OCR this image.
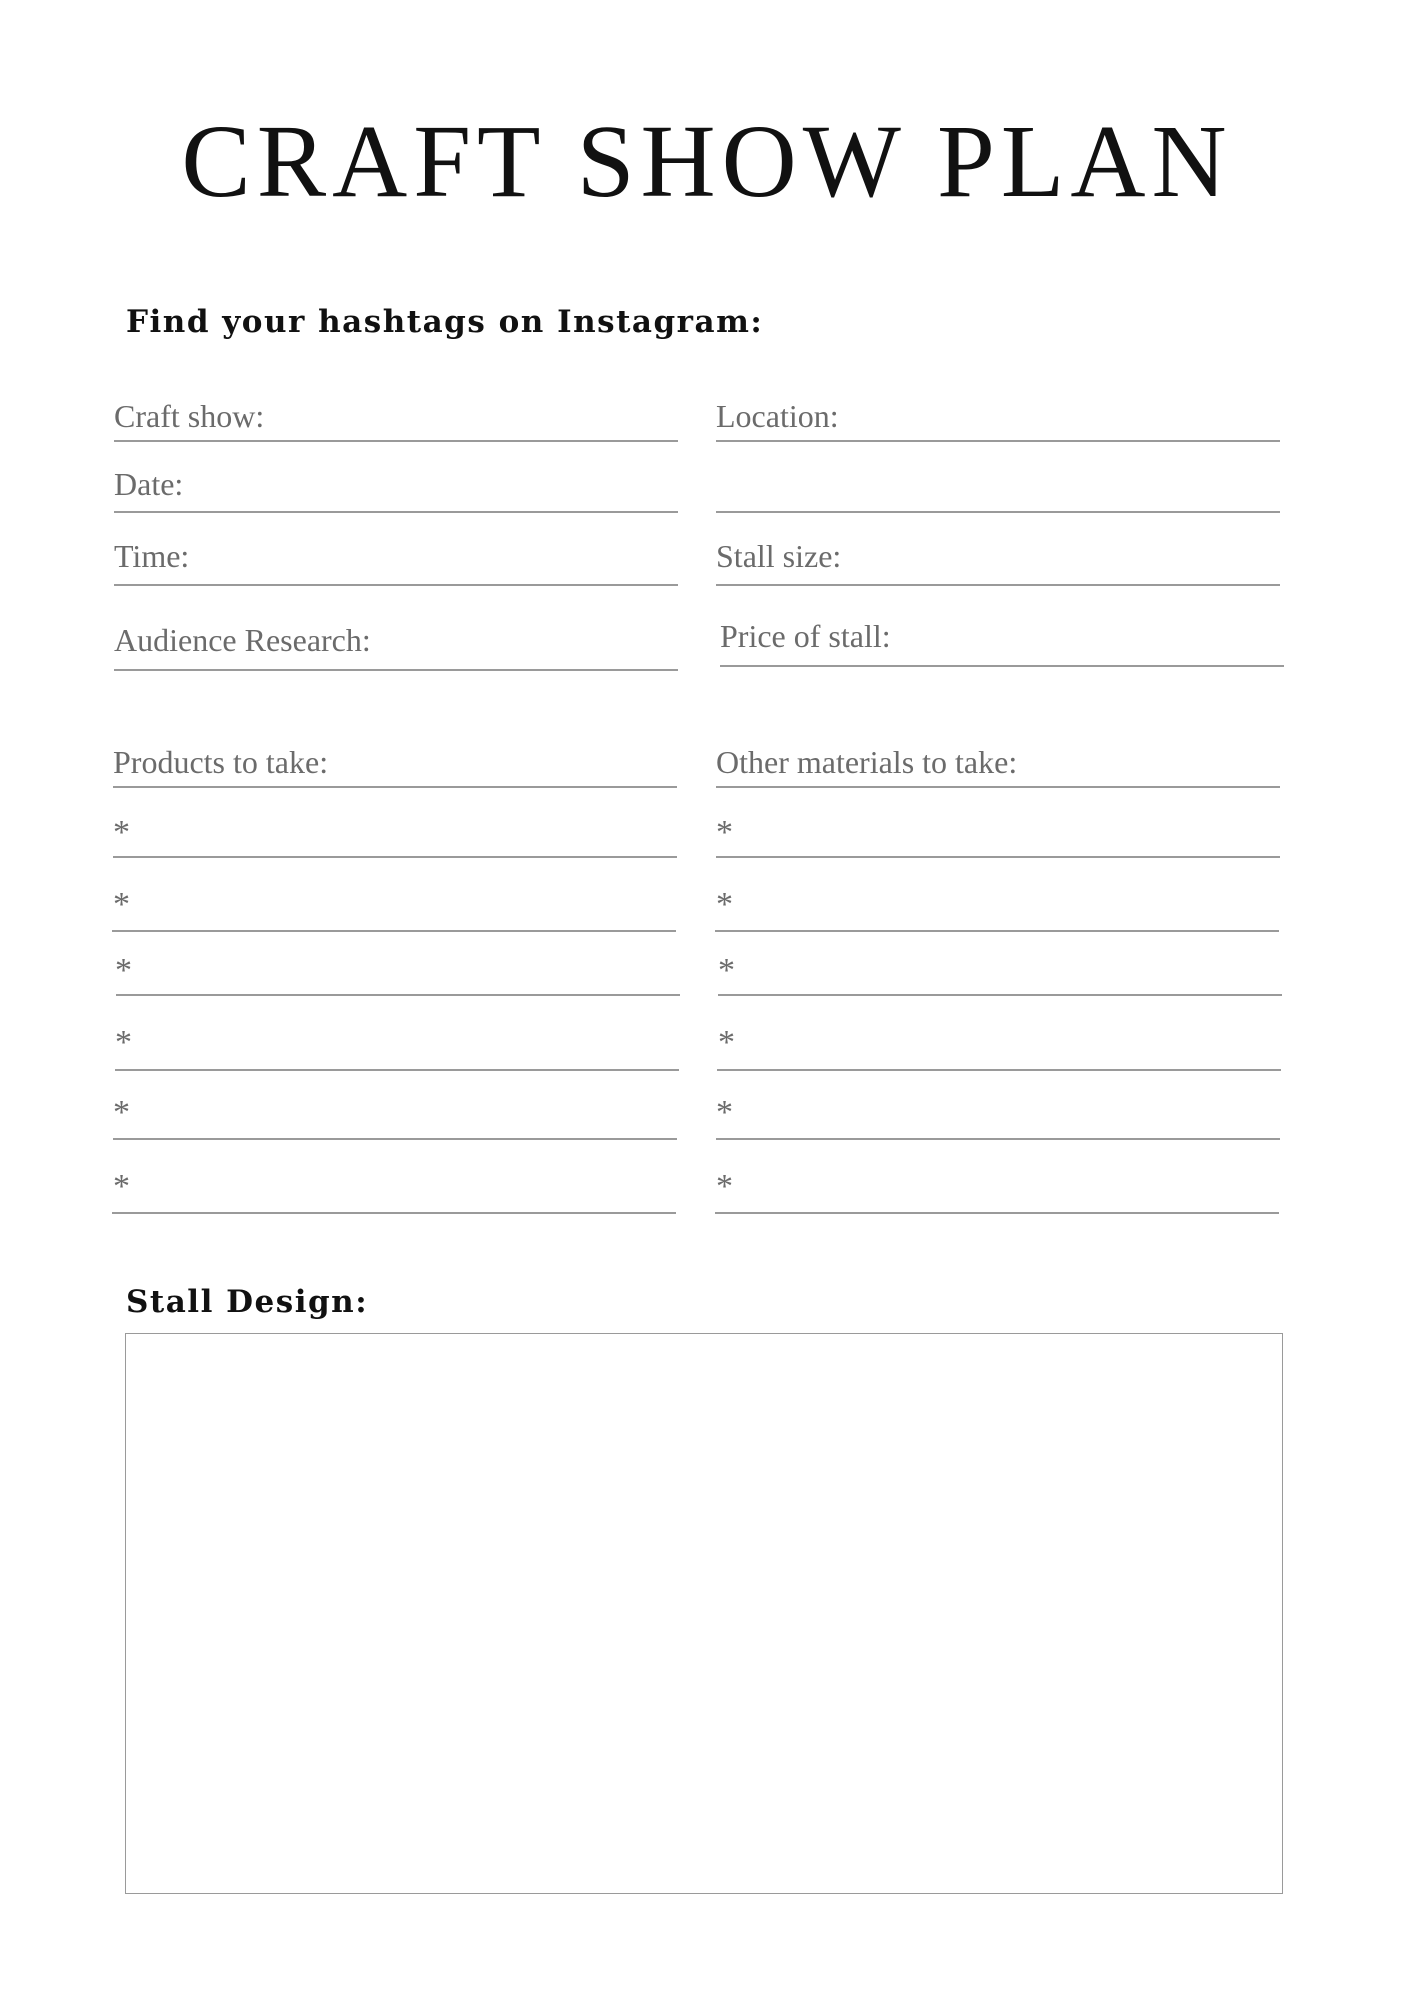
CRAFT SHOW PLAN
Find your hashtags on Instagram:
Craft show:
Date:
Time:
Audience Research:
Location:
Stall size:
Price of stall:
Products to take:
*
*
*
*
*
*
Other materials to take:
*
*
*
*
*
*
Stall Design:
